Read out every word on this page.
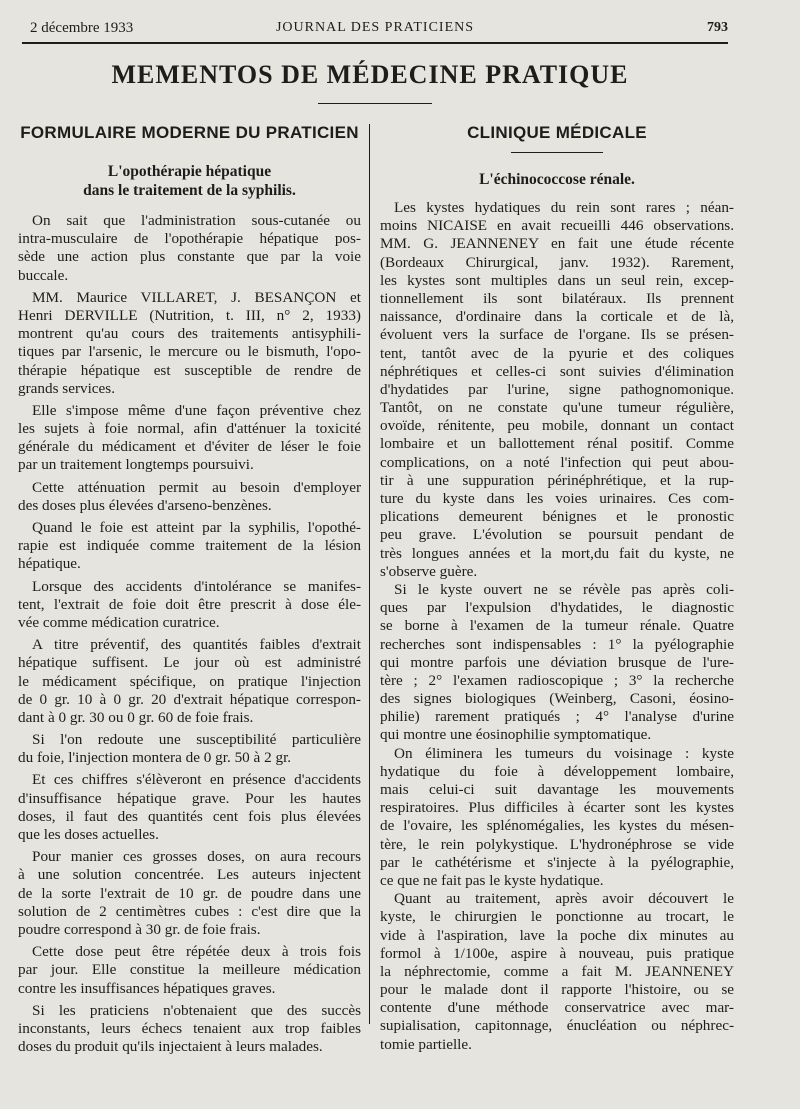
2 décembre 1933	JOURNAL DES PRATICIENS	793
MEMENTOS DE MÉDECINE PRATIQUE
FORMULAIRE MODERNE DU PRATICIEN
L'opothérapie hépatique
dans le traitement de la syphilis.
On sait que l'administration sous-cutanée ou
intra-musculaire de l'opothérapie hépatique pos-
sède une action plus constante que par la voie
buccale.
MM. Maurice VILLARET, J. BESANÇON et
Henri DERVILLE (Nutrition, t. III, n° 2, 1933)
montrent qu'au cours des traitements antisyphili-
tiques par l'arsenic, le mercure ou le bismuth, l'opo-
thérapie hépatique est susceptible de rendre de
grands services.
Elle s'impose même d'une façon préventive chez
les sujets à foie normal, afin d'atténuer la toxicité
générale du médicament et d'éviter de léser le foie
par un traitement longtemps poursuivi.
Cette atténuation permit au besoin d'employer
des doses plus élevées d'arseno-benzènes.
Quand le foie est atteint par la syphilis, l'opothé-
rapie est indiquée comme traitement de la lésion
hépatique.
Lorsque des accidents d'intolérance se manifes-
tent, l'extrait de foie doit être prescrit à dose éle-
vée comme médication curatrice.
A titre préventif, des quantités faibles d'extrait
hépatique suffisent. Le jour où est administré
le médicament spécifique, on pratique l'injection
de 0 gr. 10 à 0 gr. 20 d'extrait hépatique correspon-
dant à 0 gr. 30 ou 0 gr. 60 de foie frais.
Si l'on redoute une susceptibilité particulière
du foie, l'injection montera de 0 gr. 50 à 2 gr.
Et ces chiffres s'élèveront en présence d'accidents
d'insuffisance hépatique grave. Pour les hautes
doses, il faut des quantités cent fois plus élevées
que les doses actuelles.
Pour manier ces grosses doses, on aura recours
à une solution concentrée. Les auteurs injectent
de la sorte l'extrait de 10 gr. de poudre dans une
solution de 2 centimètres cubes : c'est dire que la
poudre correspond à 30 gr. de foie frais.
Cette dose peut être répétée deux à trois fois
par jour. Elle constitue la meilleure médication
contre les insuffisances hépatiques graves.
Si les praticiens n'obtenaient que des succès
inconstants, leurs échecs tenaient aux trop faibles
doses du produit qu'ils injectaient à leurs malades.
CLINIQUE MÉDICALE
L'échinococcose rénale.
Les kystes hydatiques du rein sont rares ; néan-
moins NICAISE en avait recueilli 446 observations.
MM. G. JEANNENEY en fait une étude récente
(Bordeaux Chirurgical, janv. 1932). Rarement,
les kystes sont multiples dans un seul rein, excep-
tionnellement ils sont bilatéraux. Ils prennent
naissance, d'ordinaire dans la corticale et de là,
évoluent vers la surface de l'organe. Ils se présen-
tent, tantôt avec de la pyurie et des coliques
néphrétiques et celles-ci sont suivies d'élimination
d'hydatides par l'urine, signe pathognomonique.
Tantôt, on ne constate qu'une tumeur régulière,
ovoïde, rénitente, peu mobile, donnant un contact
lombaire et un ballottement rénal positif. Comme
complications, on a noté l'infection qui peut abou-
tir à une suppuration périnéphrétique, et la rup-
ture du kyste dans les voies urinaires. Ces com-
plications demeurent bénignes et le pronostic
peu grave. L'évolution se poursuit pendant de
très longues années et la mort,du fait du kyste, ne
s'observe guère.
Si le kyste ouvert ne se révèle pas après coli-
ques par l'expulsion d'hydatides, le diagnostic
se borne à l'examen de la tumeur rénale. Quatre
recherches sont indispensables : 1° la pyélographie
qui montre parfois une déviation brusque de l'ure-
tère ; 2° l'examen radioscopique ; 3° la recherche
des signes biologiques (Weinberg, Casoni, éosino-
philie) rarement pratiqués ; 4° l'analyse d'urine
qui montre une éosinophilie symptomatique.
On éliminera les tumeurs du voisinage : kyste
hydatique du foie à développement lombaire,
mais celui-ci suit davantage les mouvements
respiratoires. Plus difficiles à écarter sont les kystes
de l'ovaire, les splénomégalies, les kystes du mésen-
tère, le rein polykystique. L'hydronéphrose se vide
par le cathétérisme et s'injecte à la pyélographie,
ce que ne fait pas le kyste hydatique.
Quant au traitement, après avoir découvert le
kyste, le chirurgien le ponctionne au trocart, le
vide à l'aspiration, lave la poche dix minutes au
formol à 1/100e, aspire à nouveau, puis pratique
la néphrectomie, comme a fait M. JEANNENEY
pour le malade dont il rapporte l'histoire, ou se
contente d'une méthode conservatrice avec mar-
supialisation, capitonnage, énucléation ou néphrec-
tomie partielle.
